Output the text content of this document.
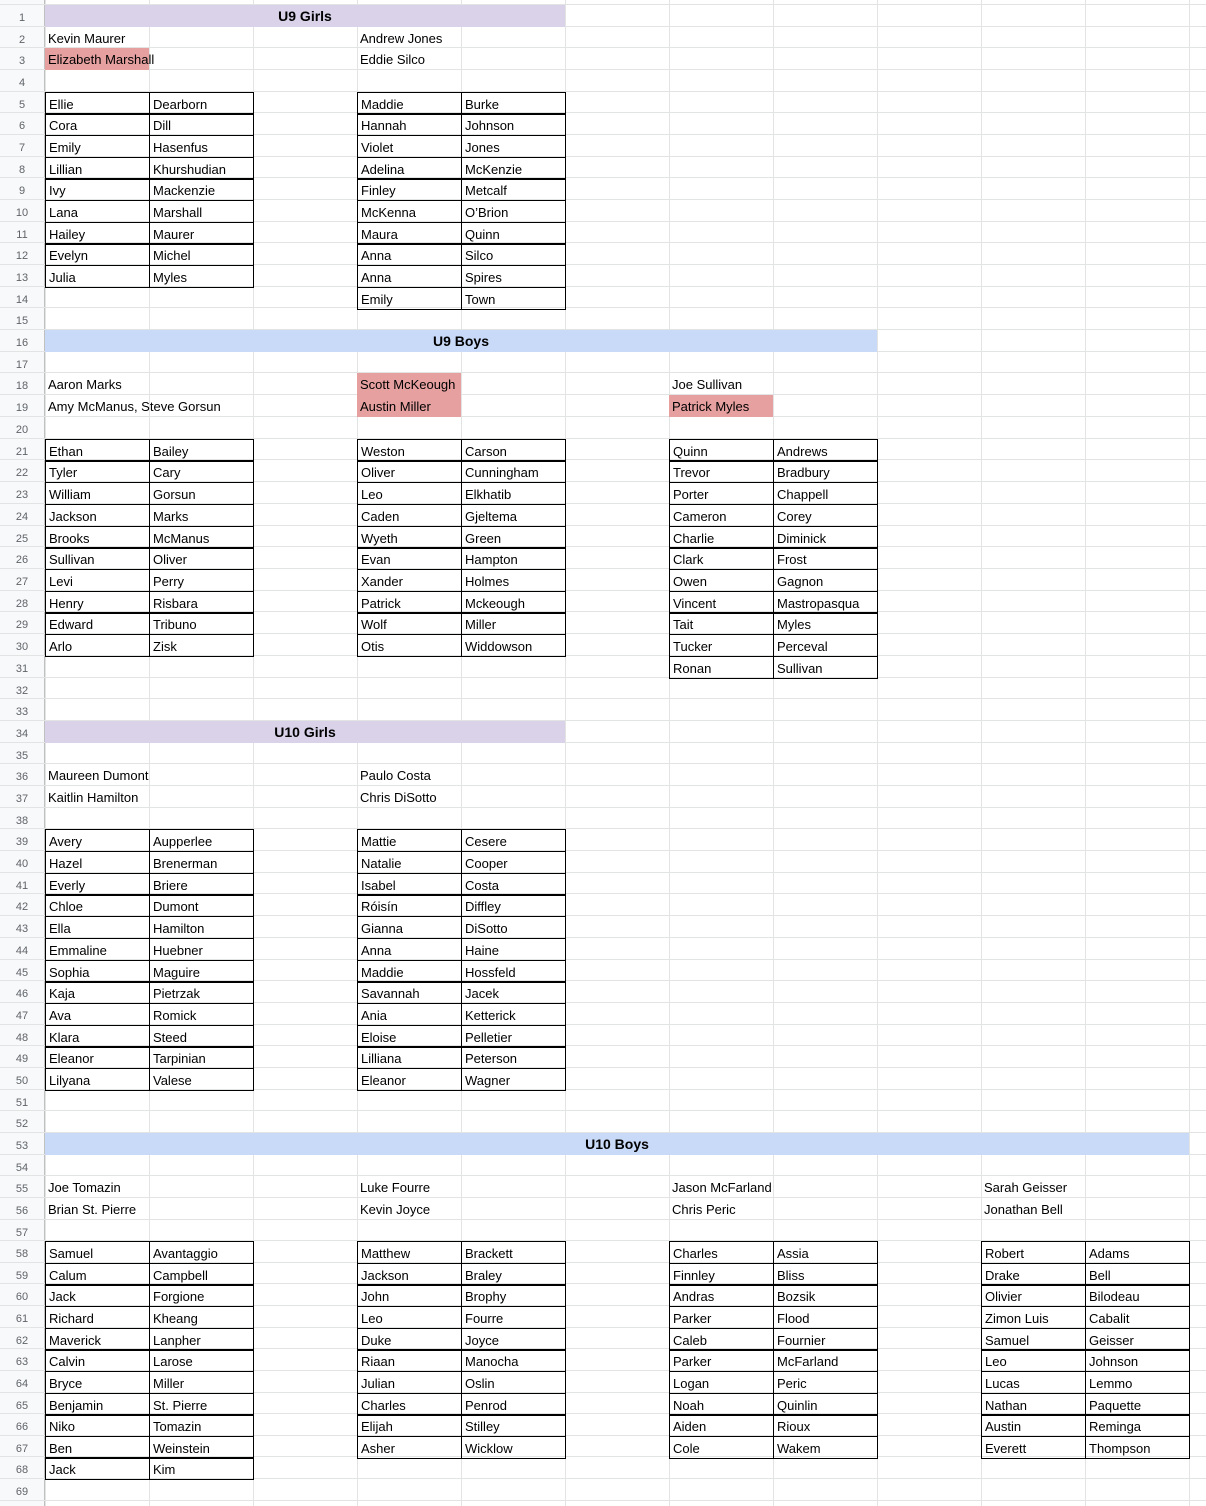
1
2
3
4
5
6
7
8
9
10
11
12
13
14
15
16
17
18
19
20
21
22
23
24
25
26
27
28
29
30
31
32
33
34
35
36
37
38
39
40
41
42
43
44
45
46
47
48
49
50
51
52
53
54
55
56
57
58
59
60
61
62
63
64
65
66
67
68
69
U9 Girls
Kevin Maurer
Elizabeth Marshall
Ellie	Dearborn
Cora	Dill
Emily	Hasenfus
Lillian	Khurshudian
Ivy	Mackenzie
Lana	Marshall
Hailey	Maurer
Evelyn	Michel
Julia	Myles
Andrew Jones
Eddie Silco
Maddie	Burke
Hannah	Johnson
Violet	Jones
Adelina	McKenzie
Finley	Metcalf
McKenna	O’Brion
Maura	Quinn
Anna	Silco
Anna	Spires
Emily	Town
U9 Boys
Aaron Marks
Amy McManus, Steve Gorsun
Ethan	Bailey
Tyler	Cary
William	Gorsun
Jackson	Marks
Brooks	McManus
Sullivan	Oliver
Levi	Perry
Henry	Risbara
Edward	Tribuno
Arlo	Zisk
Scott McKeough
Austin Miller
Weston	Carson
Oliver	Cunningham
Leo	Elkhatib
Caden	Gjeltema
Wyeth	Green
Evan	Hampton
Xander	Holmes
Patrick	Mckeough
Wolf	Miller
Otis	Widdowson
Joe Sullivan
Patrick Myles
Quinn	Andrews
Trevor	Bradbury
Porter	Chappell
Cameron	Corey
Charlie	Diminick
Clark	Frost
Owen	Gagnon
Vincent	Mastropasqua
Tait	Myles
Tucker	Perceval
Ronan	Sullivan
U10 Girls
Maureen Dumont
Kaitlin Hamilton
Avery	Aupperlee
Hazel	Brenerman
Everly	Briere
Chloe	Dumont
Ella	Hamilton
Emmaline	Huebner
Sophia	Maguire
Kaja	Pietrzak
Ava	Romick
Klara	Steed
Eleanor	Tarpinian
Lilyana	Valese
Paulo Costa
Chris DiSotto
Mattie	Cesere
Natalie	Cooper
Isabel	Costa
Róisín	Diffley
Gianna	DiSotto
Anna	Haine
Maddie	Hossfeld
Savannah	Jacek
Ania	Ketterick
Eloise	Pelletier
Lilliana	Peterson
Eleanor	Wagner
U10 Boys
Joe Tomazin
Brian St. Pierre
Samuel	Avantaggio
Calum	Campbell
Jack	Forgione
Richard	Kheang
Maverick	Lanpher
Calvin	Larose
Bryce	Miller
Benjamin	St. Pierre
Niko	Tomazin
Ben	Weinstein
Jack	Kim
Luke Fourre
Kevin Joyce
Matthew	Brackett
Jackson	Braley
John	Brophy
Leo	Fourre
Duke	Joyce
Riaan	Manocha
Julian	Oslin
Charles	Penrod
Elijah	Stilley
Asher	Wicklow
Jason McFarland
Chris Peric
Charles	Assia
Finnley	Bliss
Andras	Bozsik
Parker	Flood
Caleb	Fournier
Parker	McFarland
Logan	Peric
Noah	Quinlin
Aiden	Rioux
Cole	Wakem
Sarah Geisser
Jonathan Bell
Robert	Adams
Drake	Bell
Olivier	Bilodeau
Zimon Luis	Cabalit
Samuel	Geisser
Leo	Johnson
Lucas	Lemmo
Nathan	Paquette
Austin	Reminga
Everett	Thompson
